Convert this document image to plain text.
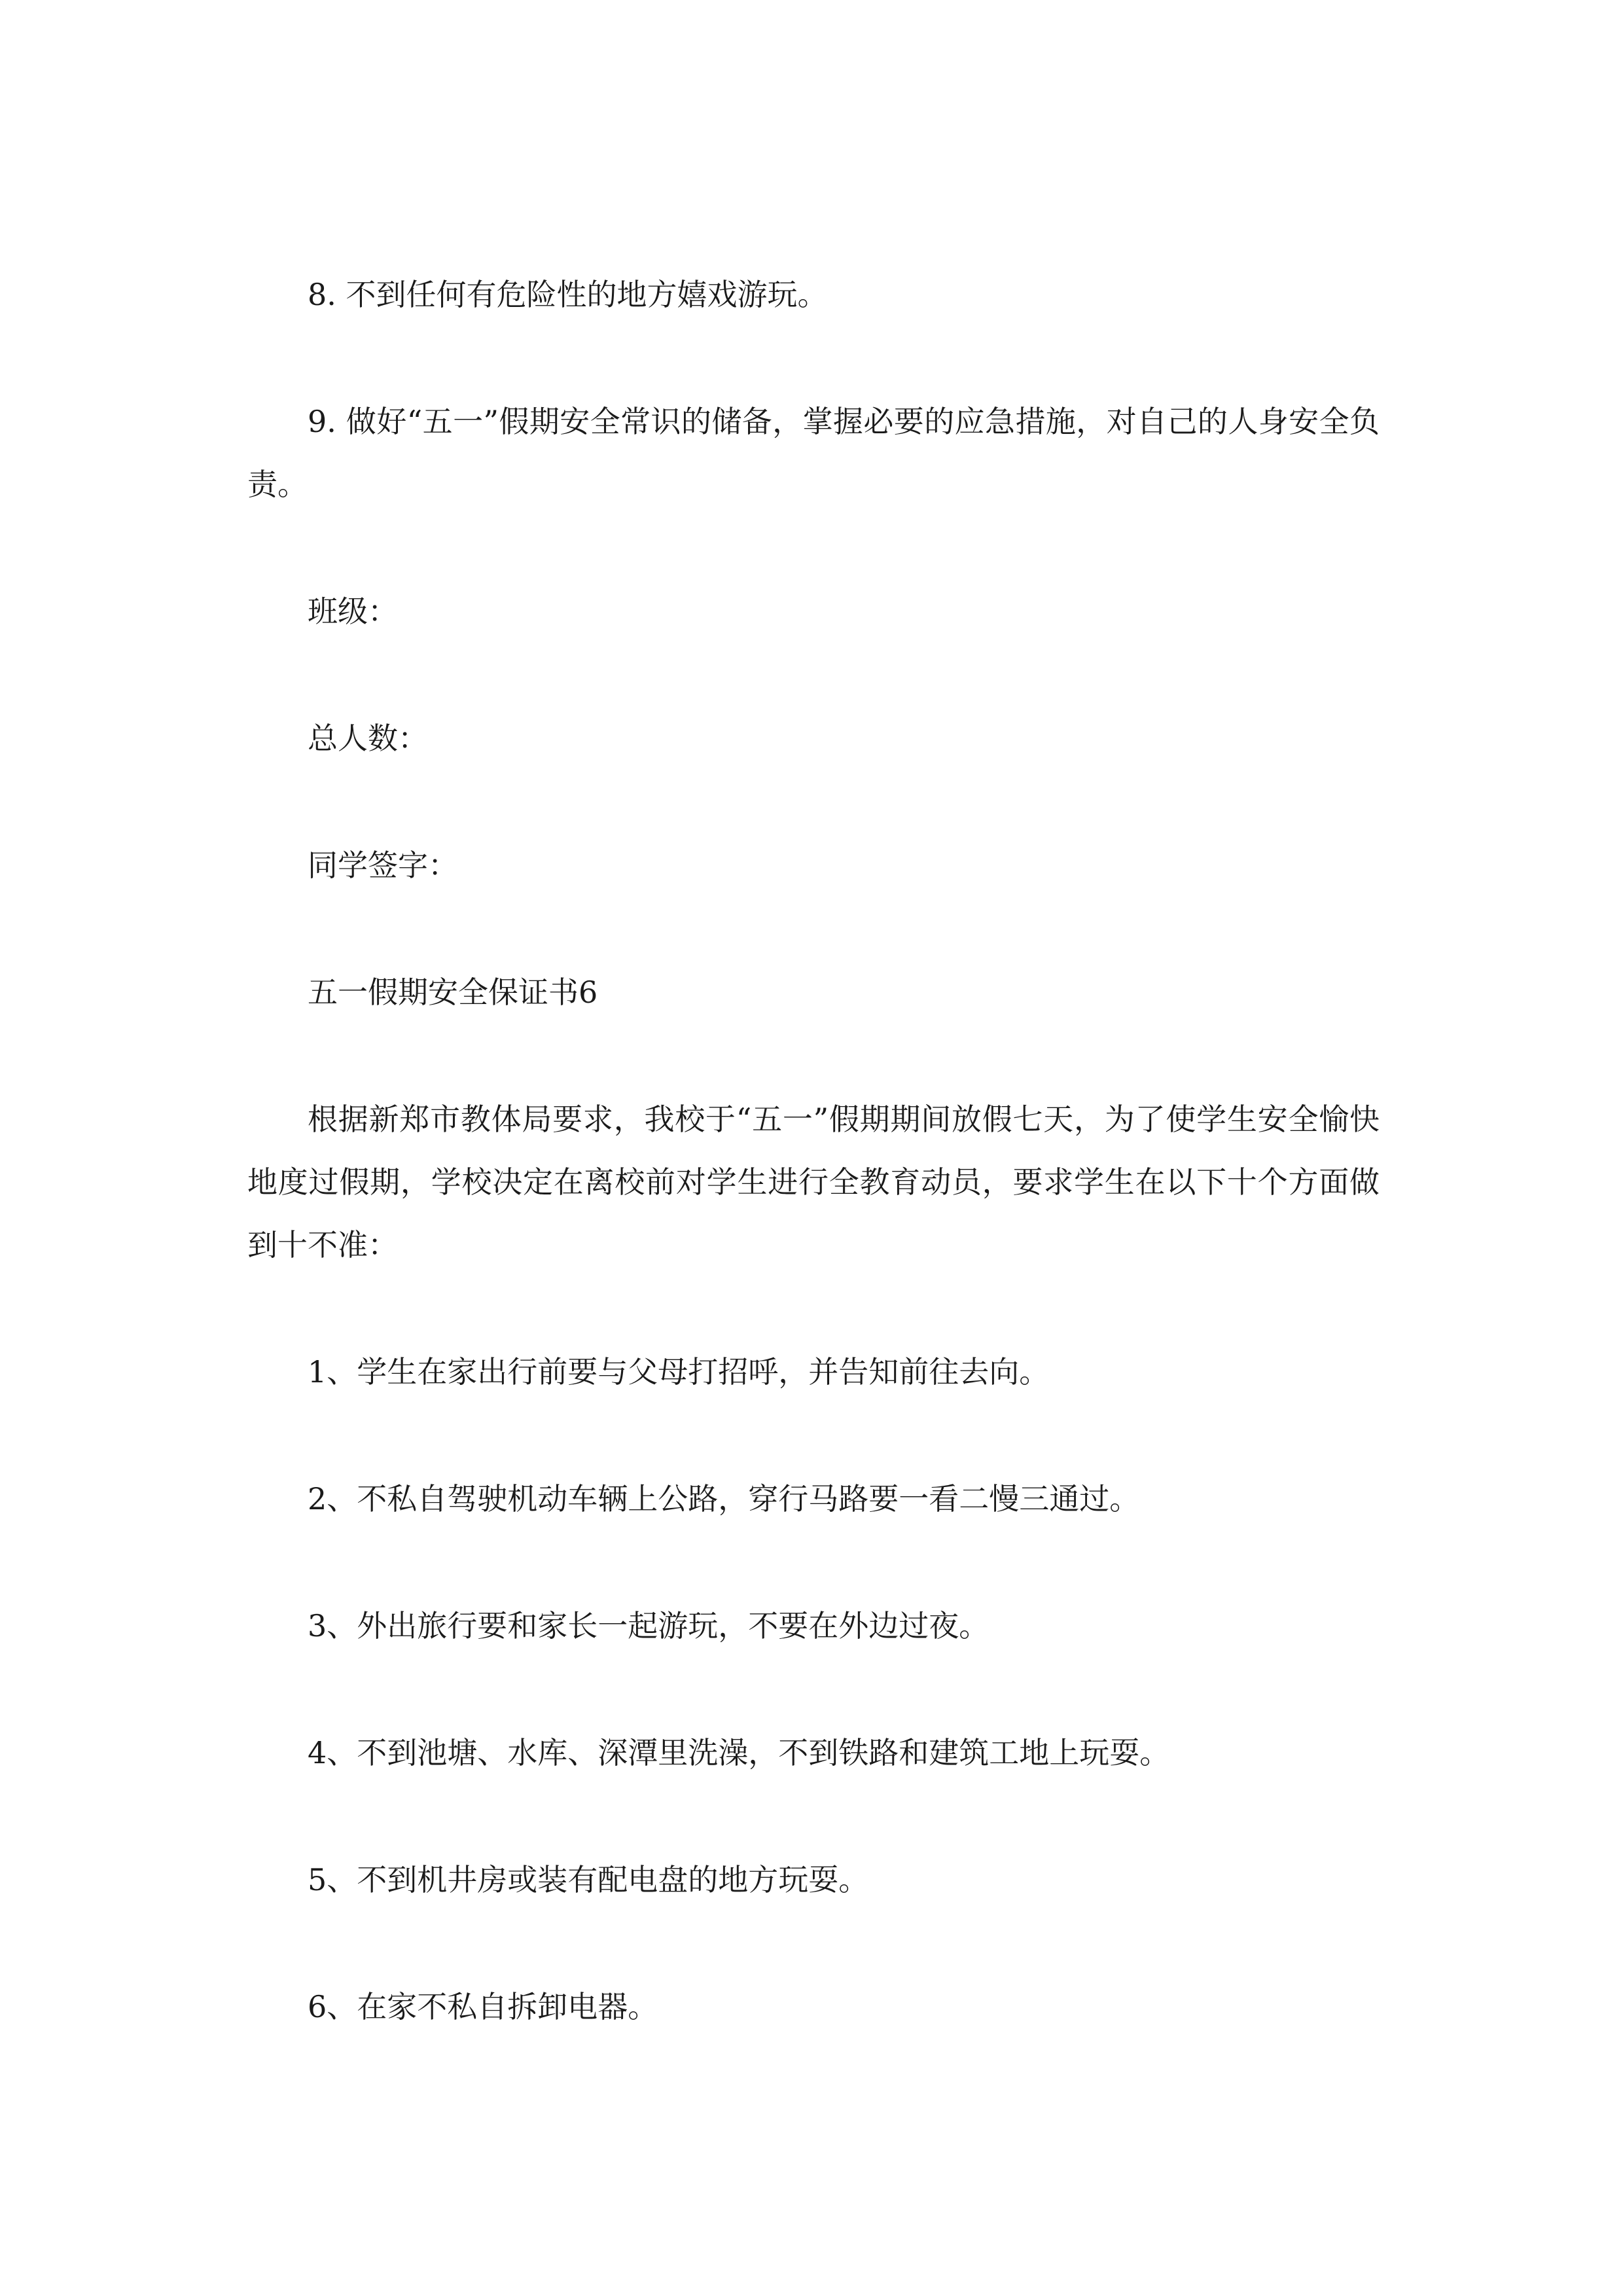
8. 不到任何有危险性的地方嬉戏游玩。

9. 做好“五一”假期安全常识的储备，掌握必要的应急措施，对自己的人身安全负责。

班级：

总人数：

同学签字：

五一假期安全保证书6

根据新郑市教体局要求，我校于“五一”假期期间放假七天，为了使学生安全愉快地度过假期，学校决定在离校前对学生进行全教育动员，要求学生在以下十个方面做到十不准：

1、学生在家出行前要与父母打招呼，并告知前往去向。

2、不私自驾驶机动车辆上公路，穿行马路要一看二慢三通过。

3、外出旅行要和家长一起游玩，不要在外边过夜。

4、不到池塘、水库、深潭里洗澡，不到铁路和建筑工地上玩耍。

5、不到机井房或装有配电盘的地方玩耍。

6、在家不私自拆卸电器。
